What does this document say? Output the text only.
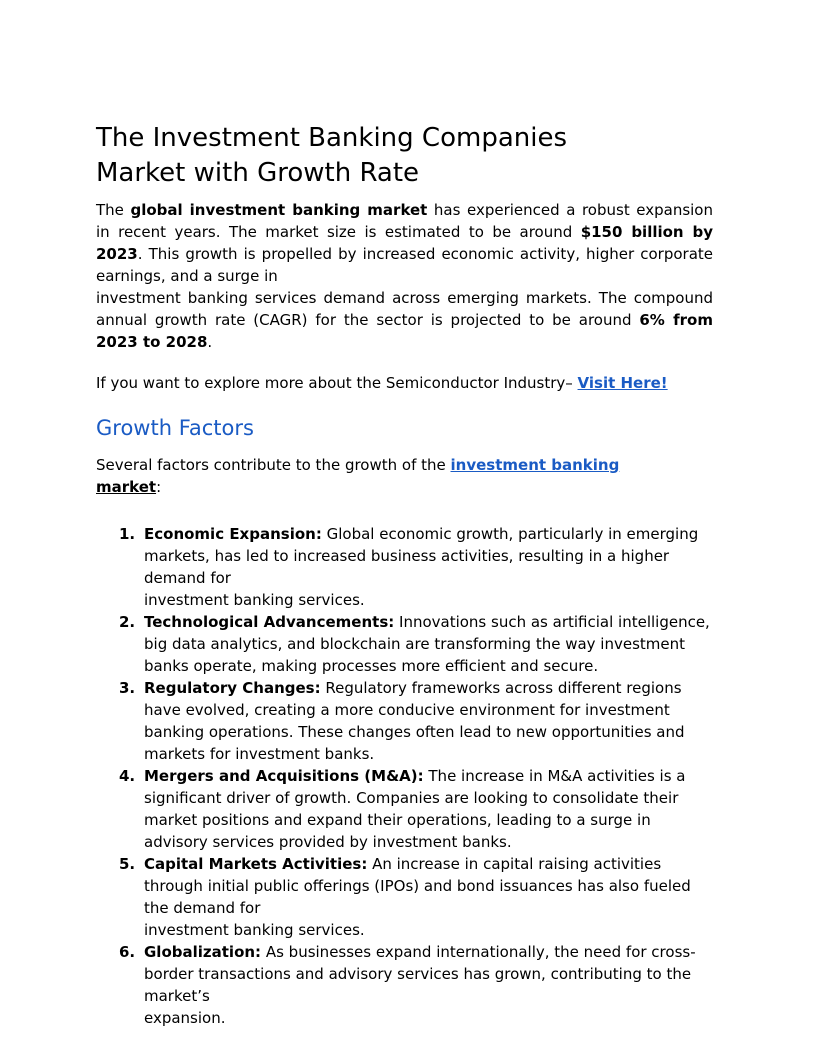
The Investment Banking Companies
Market with Growth Rate

The global investment banking market has experienced a robust expansion in recent years. The market size is estimated to be around $150 billion by 2023. This growth is propelled by increased economic activity, higher corporate earnings, and a surge in
investment banking services demand across emerging markets. The compound annual growth rate (CAGR) for the sector is projected to be around 6% from 2023 to 2028.

If you want to explore more about the Semiconductor Industry– Visit Here!

Growth Factors

Several factors contribute to the growth of the investment banking
market:

1. Economic Expansion: Global economic growth, particularly in emerging markets, has led to increased business activities, resulting in a higher demand for
investment banking services.
2. Technological Advancements: Innovations such as artificial intelligence, big data analytics, and blockchain are transforming the way investment banks operate, making processes more efficient and secure.
3. Regulatory Changes: Regulatory frameworks across different regions have evolved, creating a more conducive environment for investment banking operations. These changes often lead to new opportunities and markets for investment banks.
4. Mergers and Acquisitions (M&A): The increase in M&A activities is a significant driver of growth. Companies are looking to consolidate their market positions and expand their operations, leading to a surge in advisory services provided by investment banks.
5. Capital Markets Activities: An increase in capital raising activities through initial public offerings (IPOs) and bond issuances has also fueled the demand for
investment banking services.
6. Globalization: As businesses expand internationally, the need for cross-border transactions and advisory services has grown, contributing to the market’s
expansion.
